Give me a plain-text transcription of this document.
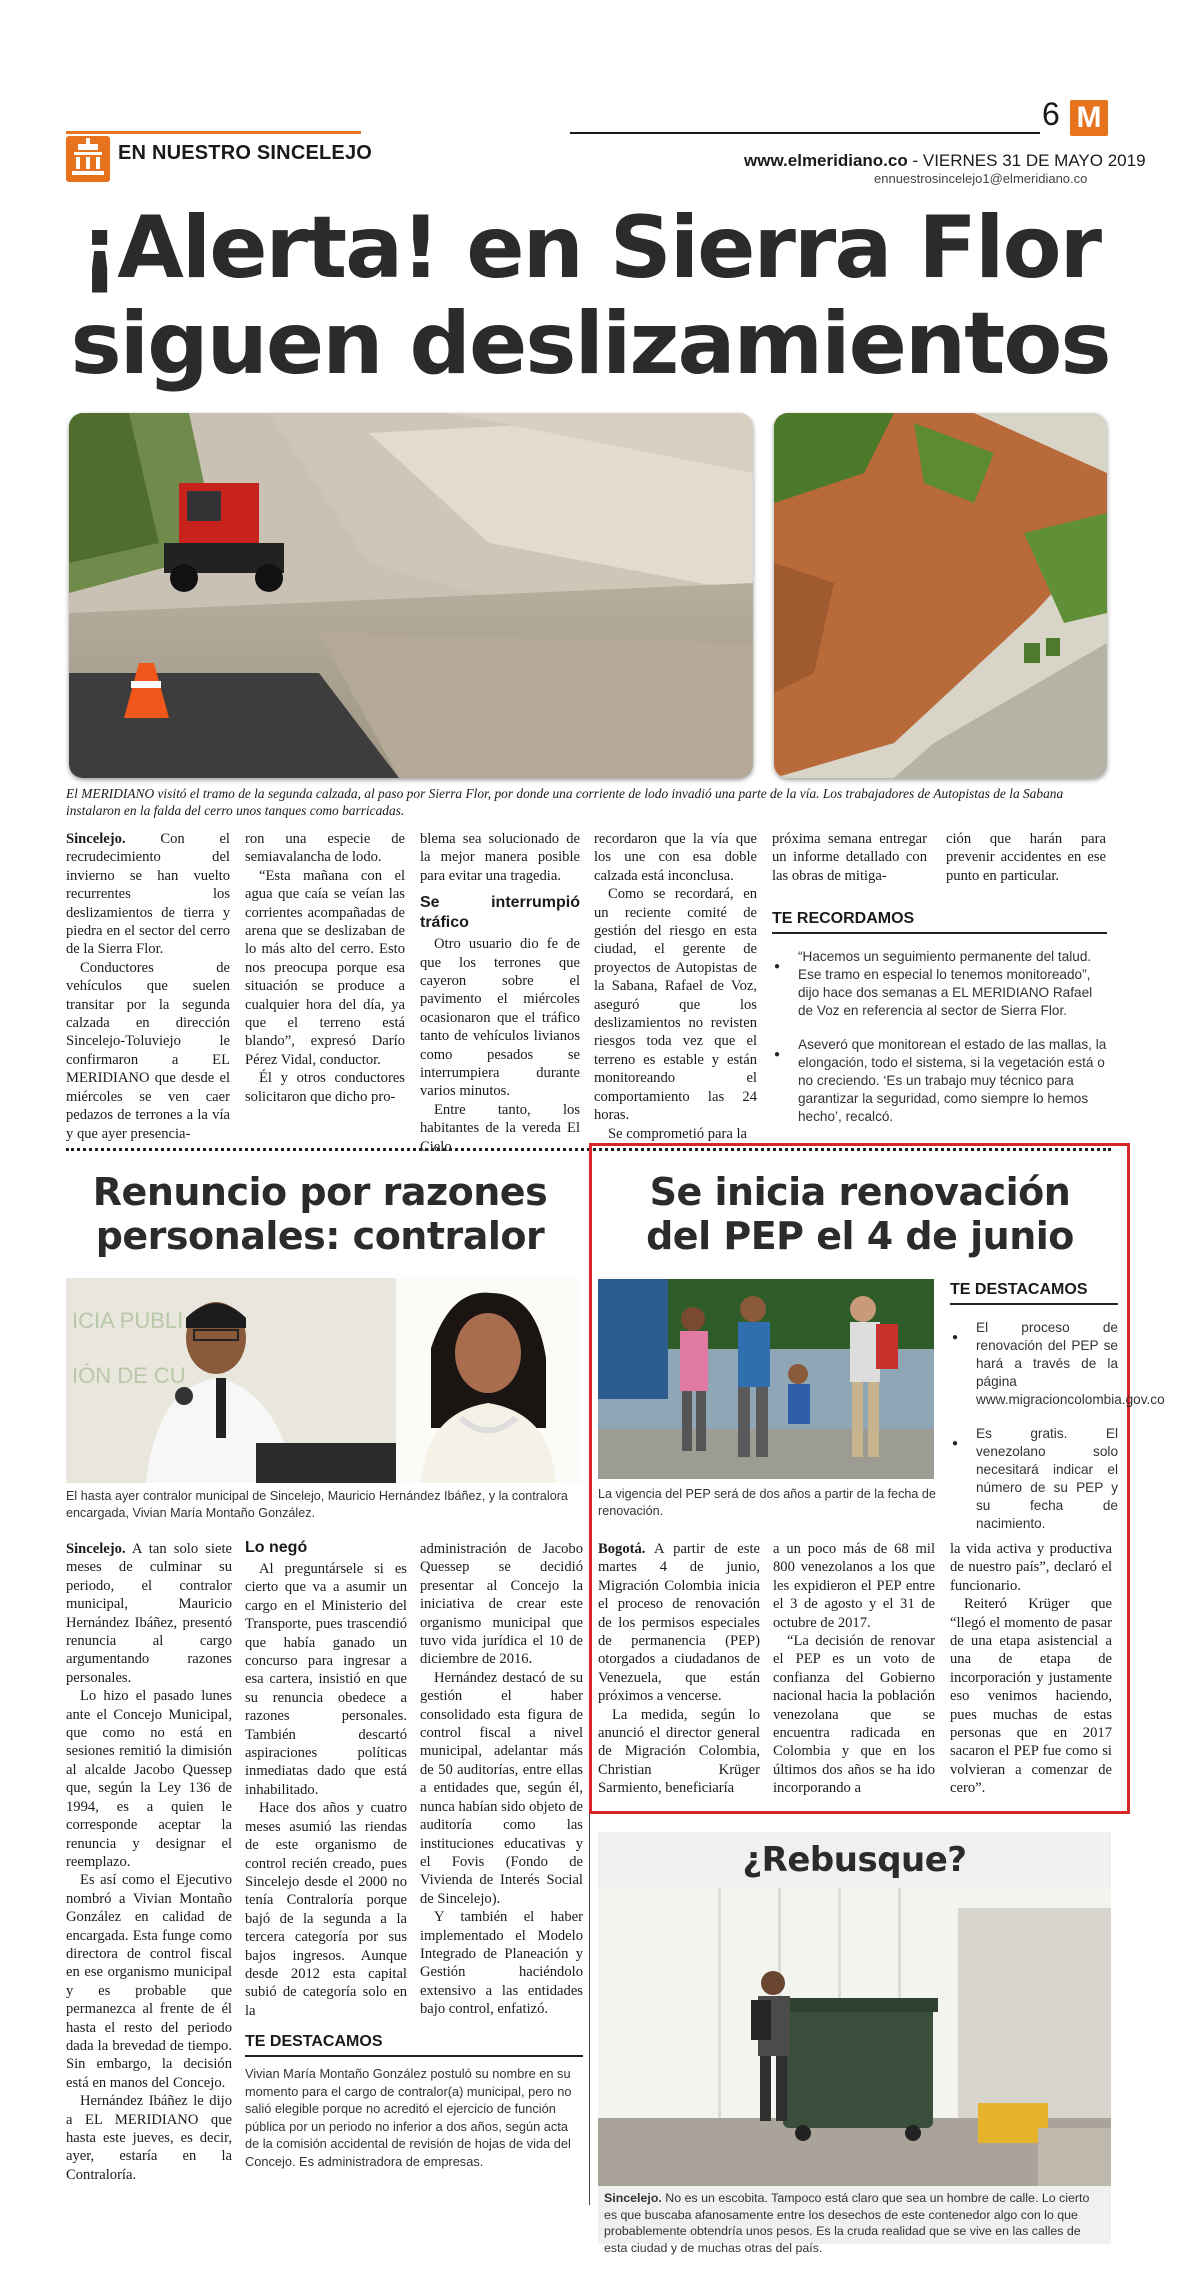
EN NUESTRO SINCELEJO
6 M
www.elmeridiano.co - VIERNES 31 DE MAYO 2019
ennuestrosincelejo1@elmeridiano.co
¡Alerta! en Sierra Flor
siguen deslizamientos
El MERIDIANO visitó el tramo de la segunda calzada, al paso por Sierra Flor, por donde una corriente de lodo invadió una parte de la vía. Los trabajadores de Autopistas de la Sabana instalaron en la falda del cerro unos tanques como barricadas.

Sincelejo. Con el recrudecimiento del invierno se han vuelto recurrentes los deslizamientos de tierra y piedra en el sector del cerro de la Sierra Flor.

Conductores de vehículos que suelen transitar por la segunda calzada en dirección Sincelejo-Toluviejo le confirmaron a EL MERIDIANO que desde el miércoles se ven caer pedazos de terrones a la vía y que ayer presencia-

ron una especie de semiavalancha de lodo.

“Esta mañana con el agua que caía se veían las corrientes acompañadas de arena que se deslizaban de lo más alto del cerro. Esto nos preocupa porque esa situación se produce a cualquier hora del día, ya que el terreno está blando”, expresó Darío Pérez Vidal, conductor.

Él y otros conductores solicitaron que dicho pro-

blema sea solucionado de la mejor manera posible para evitar una tragedia.

Se interrumpió tráfico

Otro usuario dio fe de que los terrones que cayeron sobre el pavimento el miércoles ocasionaron que el tráfico tanto de vehículos livianos como pesados se interrumpiera durante varios minutos.

Entre tanto, los habitantes de la vereda El Cielo

recordaron que la vía que los une con esa doble calzada está inconclusa.

Como se recordará, en un reciente comité de gestión del riesgo en esta ciudad, el gerente de proyectos de Autopistas de la Sabana, Rafael de Voz, aseguró que los deslizamientos no revisten riesgos toda vez que el terreno es estable y están monitoreando el comportamiento las 24 horas.

Se comprometió para la

próxima semana entregar un informe detallado con las obras de mitiga-

ción que harán para prevenir accidentes en ese punto en particular.

TE RECORDAMOS
● “Hacemos un seguimiento permanente del talud. Ese tramo en especial lo tenemos monitoreado”, dijo hace dos semanas a EL MERIDIANO Rafael de Voz en referencia al sector de Sierra Flor.
● Aseveró que monitorean el estado de las mallas, la elongación, todo el sistema, si la vegetación está o no creciendo. ‘Es un trabajo muy técnico para garantizar la seguridad, como siempre lo hemos hecho’, recalcó.
Renuncio por razones
personales: contralor
ICIA PUBLI
IÓN DE CU
El hasta ayer contralor municipal de Sincelejo, Mauricio Hernández Ibáñez, y la contralora encargada, Vivian María Montaño González.

Sincelejo. A tan solo siete meses de culminar su periodo, el contralor municipal, Mauricio Hernández Ibáñez, presentó renuncia al cargo argumentando razones personales.

Lo hizo el pasado lunes ante el Concejo Municipal, que como no está en sesiones remitió la dimisión al alcalde Jacobo Quessep que, según la Ley 136 de 1994, es a quien le corresponde aceptar la renuncia y designar el reemplazo.

Es así como el Ejecutivo nombró a Vivian Montaño González en calidad de encargada. Esta funge como directora de control fiscal en ese organismo municipal y es probable que permanezca al frente de él hasta el resto del periodo dada la brevedad de tiempo. Sin embargo, la decisión está en manos del Concejo.

Hernández Ibáñez le dijo a EL MERIDIANO que hasta este jueves, es decir, ayer, estaría en la Contraloría.

Lo negó

Al preguntársele si es cierto que va a asumir un cargo en el Ministerio del Transporte, pues trascendió que había ganado un concurso para ingresar a esa cartera, insistió en que su renuncia obedece a razones personales. También descartó aspiraciones políticas inmediatas dado que está inhabilitado.

Hace dos años y cuatro meses asumió las riendas de este organismo de control recién creado, pues Sincelejo desde el 2000 no tenía Contraloría porque bajó de la segunda a la tercera categoría por sus bajos ingresos. Aunque desde 2012 esta capital subió de categoría solo en la

administración de Jacobo Quessep se decidió presentar al Concejo la iniciativa de crear este organismo municipal que tuvo vida jurídica el 10 de diciembre de 2016.

Hernández destacó de su gestión el haber consolidado esta figura de control fiscal a nivel municipal, adelantar más de 50 auditorías, entre ellas a entidades que, según él, nunca habían sido objeto de auditoría como las instituciones educativas y el Fovis (Fondo de Vivienda de Interés Social de Sincelejo).

Y también el haber implementado el Modelo Integrado de Planeación y Gestión haciéndolo extensivo a las entidades bajo control, enfatizó.

TE DESTACAMOS
Vivian María Montaño González postuló su nombre en su momento para el cargo de contralor(a) municipal, pero no salió elegible porque no acreditó el ejercicio de función pública por un periodo no inferior a dos años, según acta de la comisión accidental de revisión de hojas de vida del Concejo. Es administradora de empresas.
Se inicia renovación
del PEP el 4 de junio
La vigencia del PEP será de dos años a partir de la fecha de renovación.
TE DESTACAMOS
● El proceso de renovación del PEP se hará a través de la página www.migracioncolombia.gov.co
● Es gratis. El venezolano solo necesitará indicar el número de su PEP y su fecha de nacimiento.

Bogotá. A partir de este martes 4 de junio, Migración Colombia inicia el proceso de renovación de los permisos especiales de permanencia (PEP) otorgados a ciudadanos de Venezuela, que están próximos a vencerse.

La medida, según lo anunció el director general de Migración Colombia, Christian Krüger Sarmiento, beneficiaría

a un poco más de 68 mil 800 venezolanos a los que les expidieron el PEP entre el 3 de agosto y el 31 de octubre de 2017.

“La decisión de renovar el PEP es un voto de confianza del Gobierno nacional hacia la población venezolana que se encuentra radicada en Colombia y que en los últimos dos años se ha ido incorporando a

la vida activa y productiva de nuestro país”, declaró el funcionario.

Reiteró Krüger que “llegó el momento de pasar de una etapa asistencial a una de etapa de incorporación y justamente eso venimos haciendo, pues muchas de estas personas que en 2017 sacaron el PEP fue como si volvieran a comenzar de cero”.

¿Rebusque?
Sincelejo. No es un escobita. Tampoco está claro que sea un hombre de calle. Lo cierto es que buscaba afanosamente entre los desechos de este contenedor algo con lo que probablemente obtendría unos pesos. Es la cruda realidad que se vive en las calles de esta ciudad y de muchas otras del país.
